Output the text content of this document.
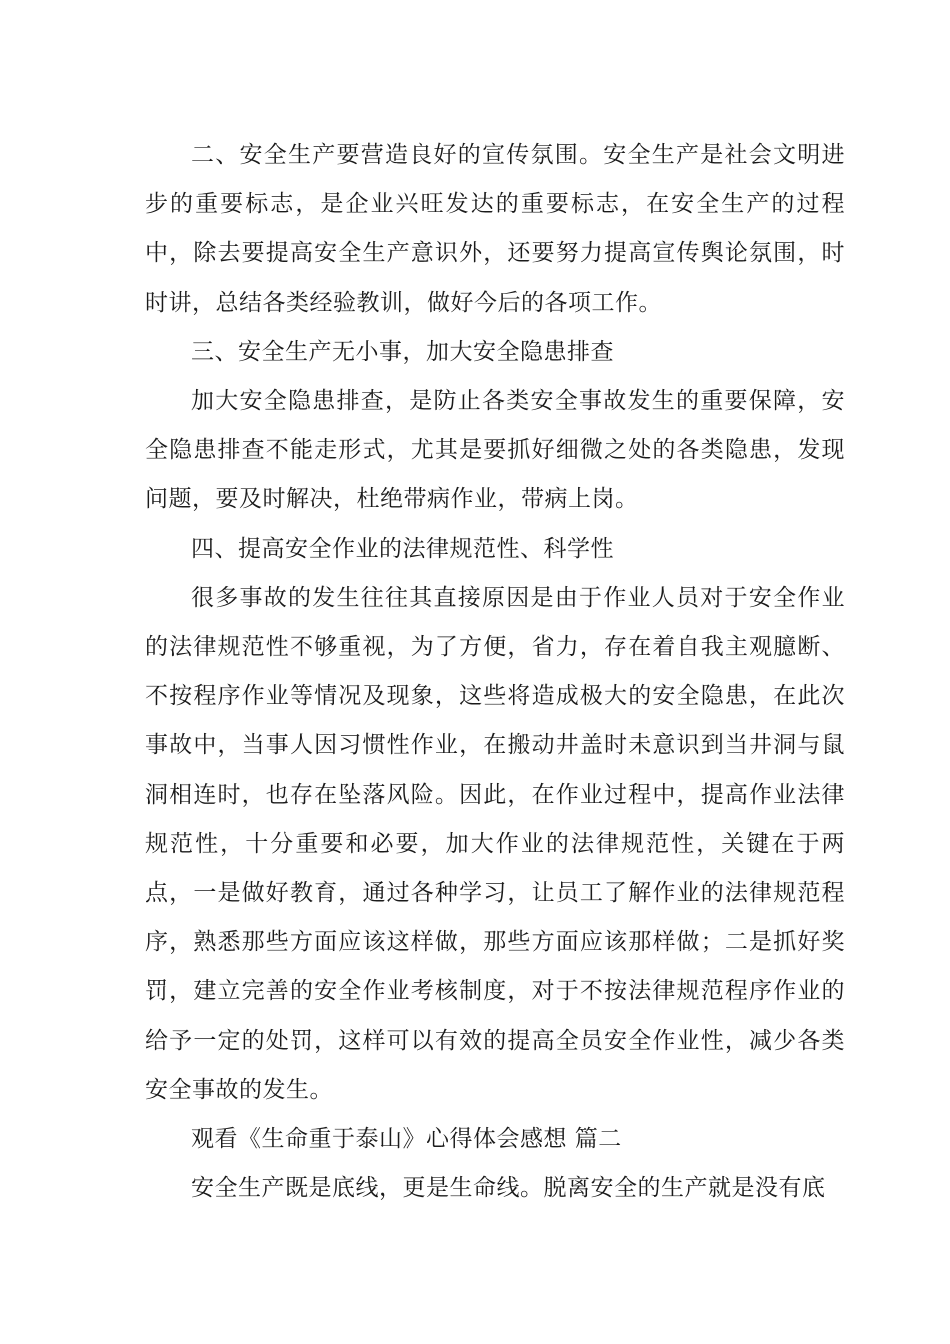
二、安全生产要营造良好的宣传氛围。安全生产是社会文明进步的重要标志，是企业兴旺发达的重要标志，在安全生产的过程中，除去要提高安全生产意识外，还要努力提高宣传舆论氛围，时时讲，总结各类经验教训，做好今后的各项工作。

三、安全生产无小事，加大安全隐患排查

加大安全隐患排查，是防止各类安全事故发生的重要保障，安全隐患排查不能走形式，尤其是要抓好细微之处的各类隐患，发现问题，要及时解决，杜绝带病作业，带病上岗。

四、提高安全作业的法律规范性、科学性

很多事故的发生往往其直接原因是由于作业人员对于安全作业的法律规范性不够重视，为了方便，省力，存在着自我主观臆断、不按程序作业等情况及现象，这些将造成极大的安全隐患，在此次事故中，当事人因习惯性作业，在搬动井盖时未意识到当井洞与鼠洞相连时，也存在坠落风险。因此，在作业过程中，提高作业法律规范性，十分重要和必要，加大作业的法律规范性，关键在于两点，一是做好教育，通过各种学习，让员工了解作业的法律规范程序，熟悉那些方面应该这样做，那些方面应该那样做；二是抓好奖罚，建立完善的安全作业考核制度，对于不按法律规范程序作业的给予一定的处罚，这样可以有效的提高全员安全作业性，减少各类安全事故的发生。

观看《生命重于泰山》心得体会感想 篇二

安全生产既是底线，更是生命线。脱离安全的生产就是没有底
